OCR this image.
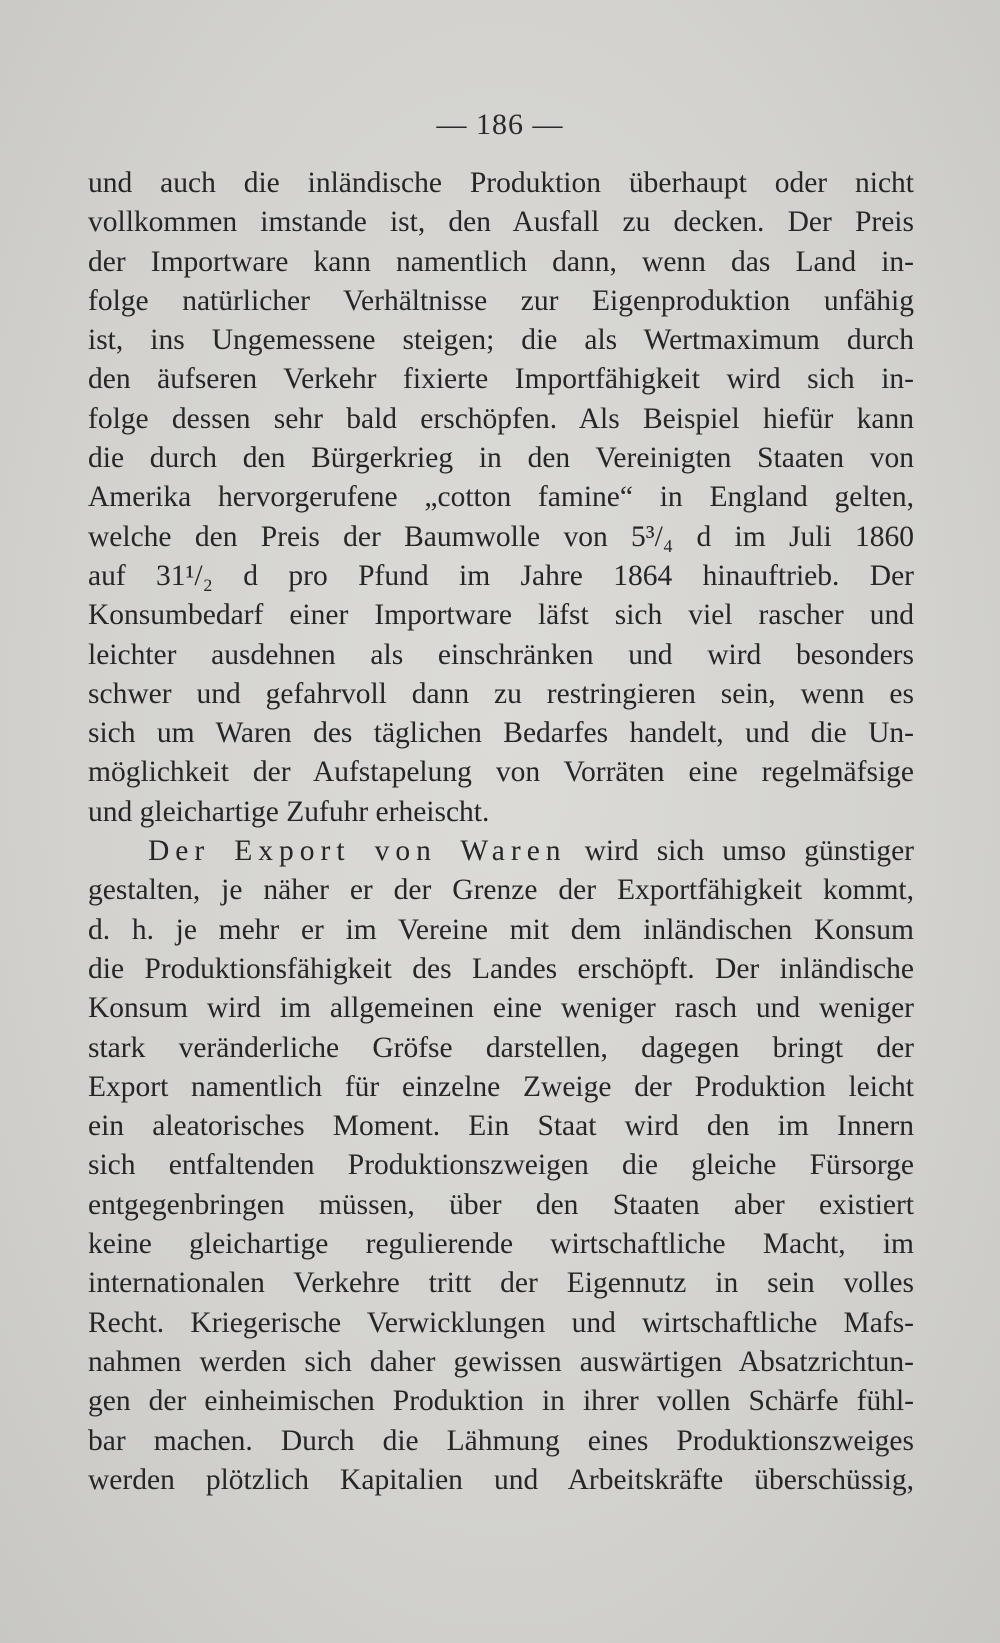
— 186 —
und auch die inländische Produktion überhaupt oder nicht
vollkommen imstande ist, den Ausfall zu decken. Der Preis
der Importware kann namentlich dann, wenn das Land in-
folge natürlicher Verhältnisse zur Eigenproduktion unfähig
ist, ins Ungemessene steigen; die als Wertmaximum durch
den äufseren Verkehr fixierte Importfähigkeit wird sich in-
folge dessen sehr bald erschöpfen. Als Beispiel hiefür kann
die durch den Bürgerkrieg in den Vereinigten Staaten von
Amerika hervorgerufene „cotton famine“ in England gelten,
welche den Preis der Baumwolle von 5³/₄ d im Juli 1860
auf 31¹/₂ d pro Pfund im Jahre 1864 hinauftrieb. Der
Konsumbedarf einer Importware läfst sich viel rascher und
leichter ausdehnen als einschränken und wird besonders
schwer und gefahrvoll dann zu restringieren sein, wenn es
sich um Waren des täglichen Bedarfes handelt, und die Un-
möglichkeit der Aufstapelung von Vorräten eine regelmäfsige
und gleichartige Zufuhr erheischt.
Der Export von Waren wird sich umso günstiger
gestalten, je näher er der Grenze der Exportfähigkeit kommt,
d. h. je mehr er im Vereine mit dem inländischen Konsum
die Produktionsfähigkeit des Landes erschöpft. Der inländische
Konsum wird im allgemeinen eine weniger rasch und weniger
stark veränderliche Gröfse darstellen, dagegen bringt der
Export namentlich für einzelne Zweige der Produktion leicht
ein aleatorisches Moment. Ein Staat wird den im Innern
sich entfaltenden Produktionszweigen die gleiche Fürsorge
entgegenbringen müssen, über den Staaten aber existiert
keine gleichartige regulierende wirtschaftliche Macht, im
internationalen Verkehre tritt der Eigennutz in sein volles
Recht. Kriegerische Verwicklungen und wirtschaftliche Mafs-
nahmen werden sich daher gewissen auswärtigen Absatzrichtun-
gen der einheimischen Produktion in ihrer vollen Schärfe fühl-
bar machen. Durch die Lähmung eines Produktionszweiges
werden plötzlich Kapitalien und Arbeitskräfte überschüssig,
